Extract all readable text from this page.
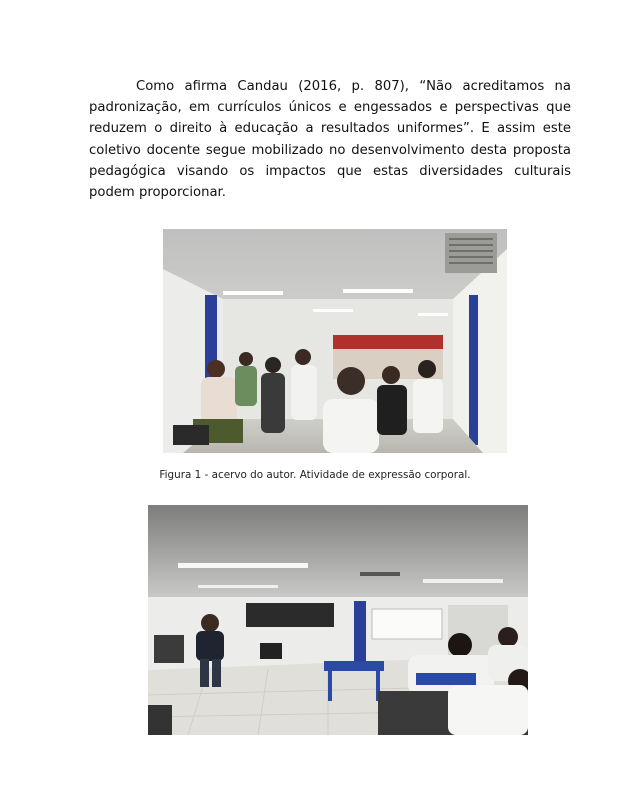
Como afirma Candau (2016, p. 807), “Não acreditamos na padronização, em currículos únicos e engessados e perspectivas que reduzem o direito à educação a resultados uniformes”. E assim este coletivo docente segue mobilizado no desenvolvimento desta proposta pedagógica visando os impactos que estas diversidades culturais podem proporcionar.

Figura 1 - acervo do autor. Atividade de expressão corporal.
